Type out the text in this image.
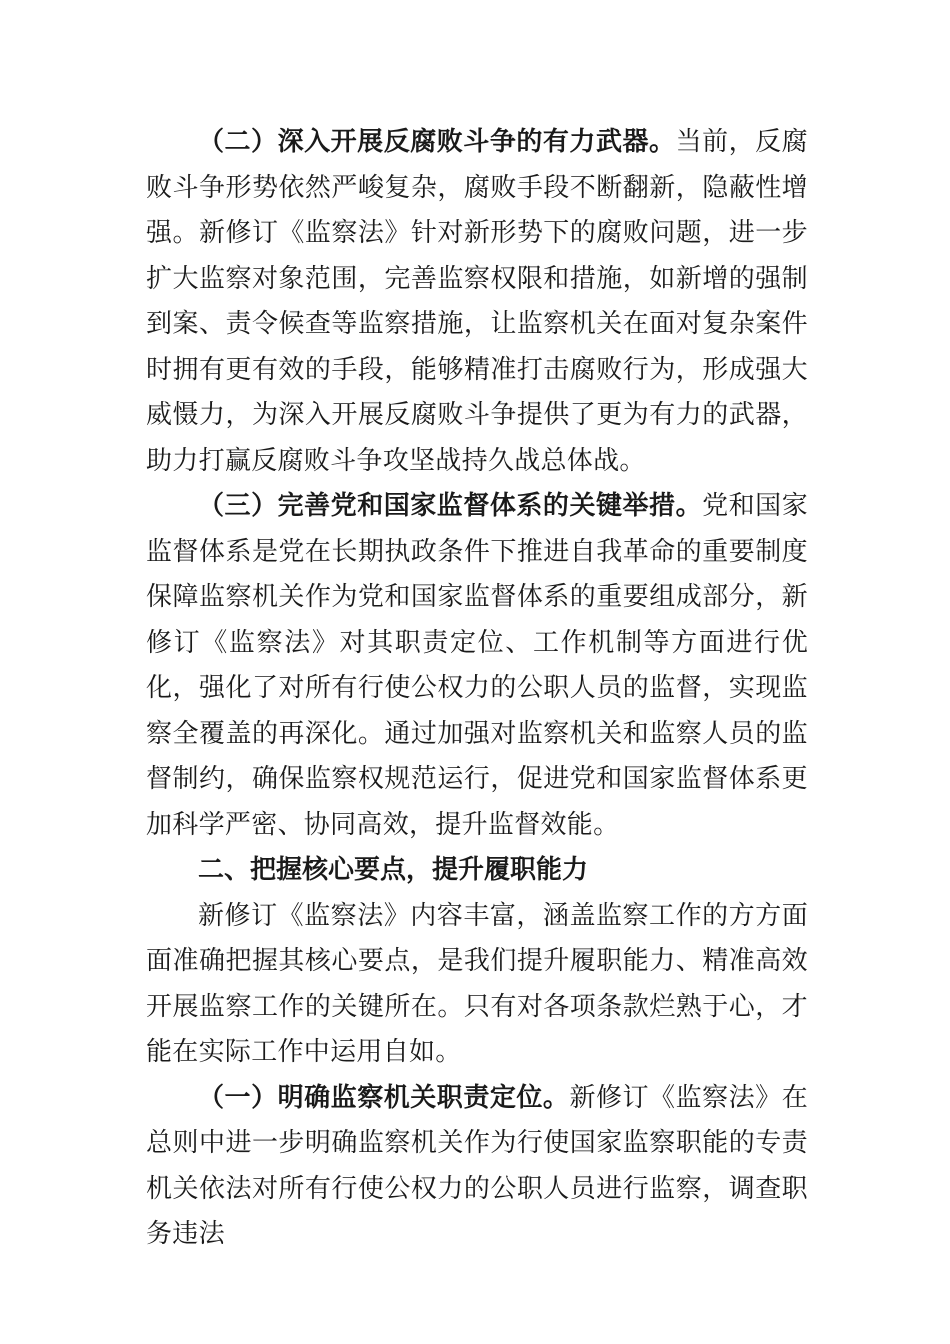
（二）深入开展反腐败斗争的有力武器。当前，反腐败斗争形势依然严峻复杂，腐败手段不断翻新，隐蔽性增强。新修订《监察法》针对新形势下的腐败问题，进一步扩大监察对象范围，完善监察权限和措施，如新增的强制到案、责令候查等监察措施，让监察机关在面对复杂案件时拥有更有效的手段，能够精准打击腐败行为，形成强大威慑力，为深入开展反腐败斗争提供了更为有力的武器，助力打赢反腐败斗争攻坚战持久战总体战。

（三）完善党和国家监督体系的关键举措。党和国家监督体系是党在长期执政条件下推进自我革命的重要制度保障监察机关作为党和国家监督体系的重要组成部分，新修订《监察法》对其职责定位、工作机制等方面进行优化，强化了对所有行使公权力的公职人员的监督，实现监察全覆盖的再深化。通过加强对监察机关和监察人员的监督制约，确保监察权规范运行，促进党和国家监督体系更加科学严密、协同高效，提升监督效能。

二、把握核心要点，提升履职能力

新修订《监察法》内容丰富，涵盖监察工作的方方面面准确把握其核心要点，是我们提升履职能力、精准高效开展监察工作的关键所在。只有对各项条款烂熟于心，才能在实际工作中运用自如。

（一）明确监察机关职责定位。新修订《监察法》在总则中进一步明确监察机关作为行使国家监察职能的专责机关依法对所有行使公权力的公职人员进行监察，调查职务违法
